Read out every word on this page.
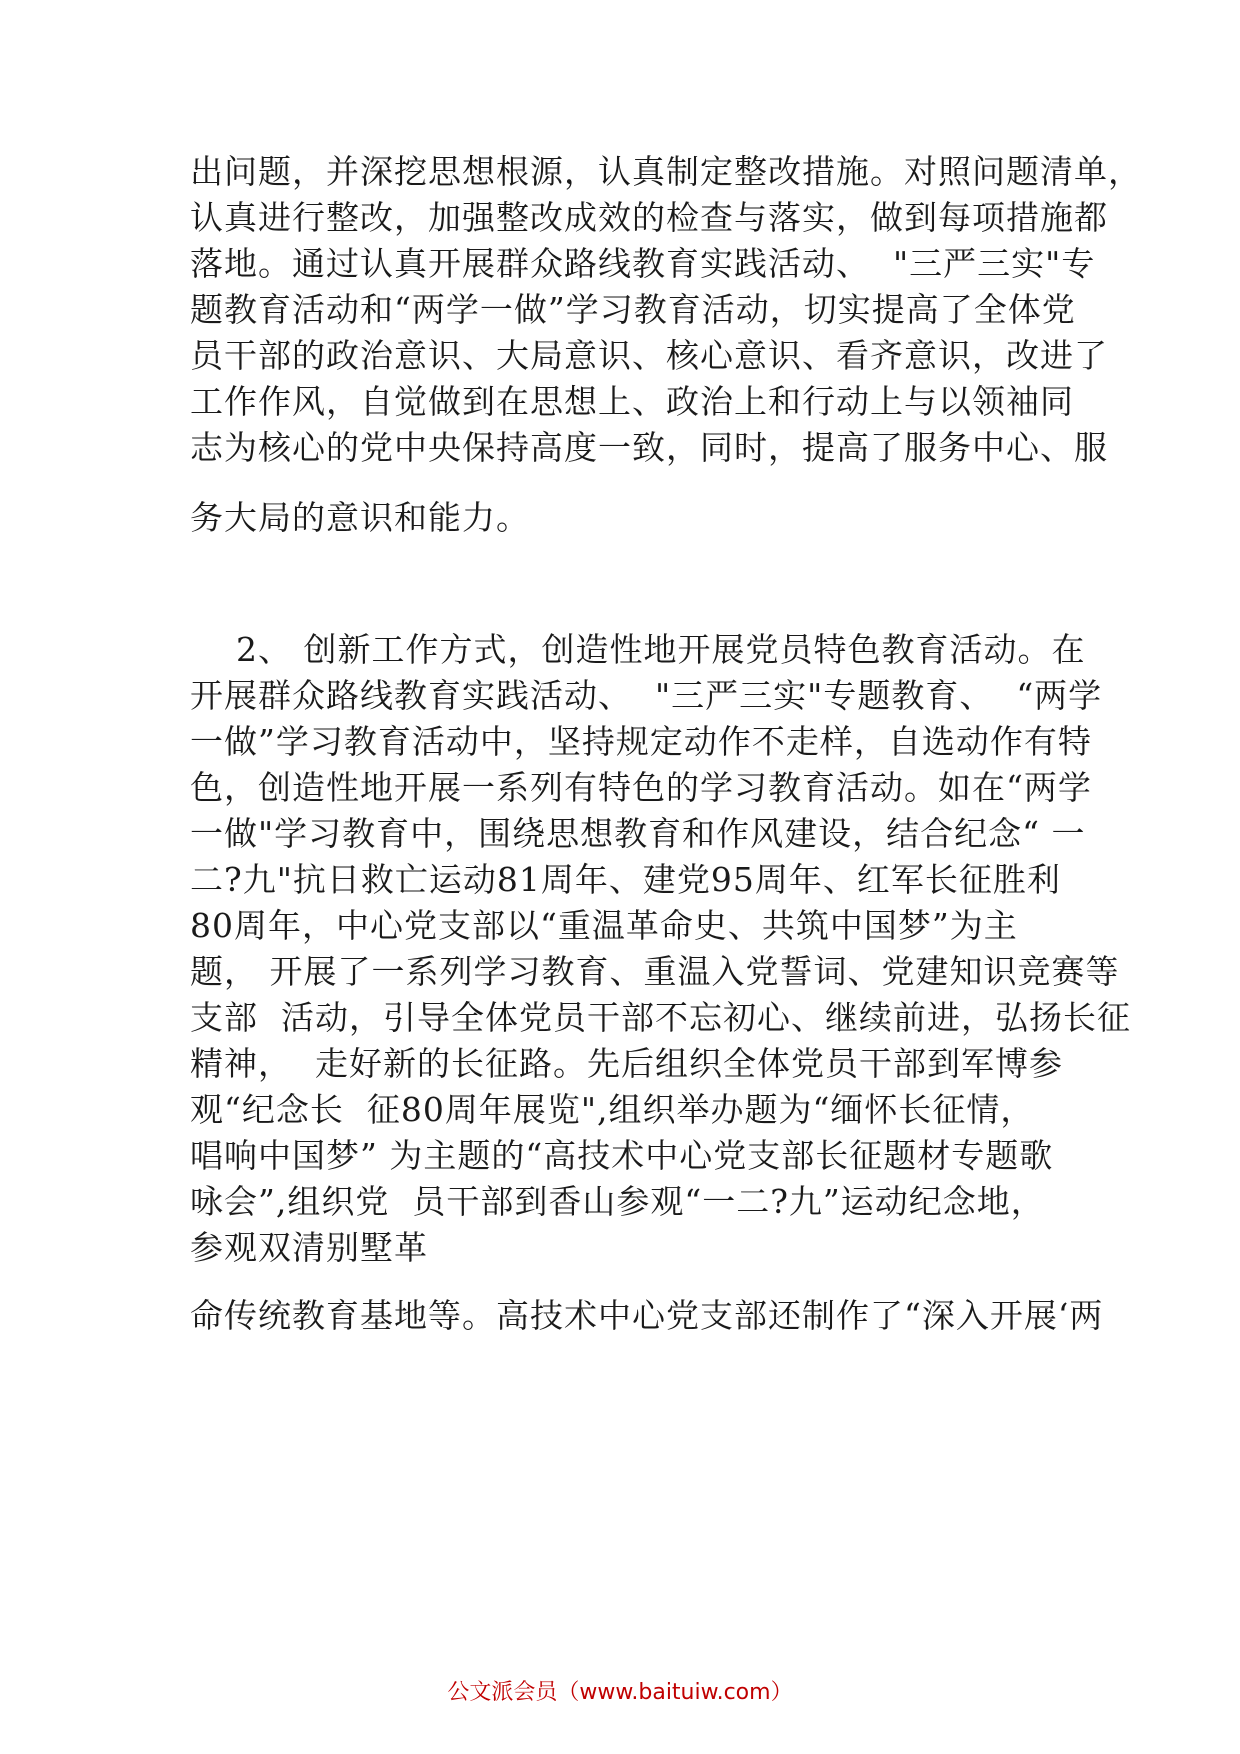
出问题，并深挖思想根源，认真制定整改措施。对照问题清单，
认真进行整改，加强整改成效的检查与落实，做到每项措施都
落地。通过认真开展群众路线教育实践活动、  "三严三实"专
题教育活动和“两学一做”学习教育活动，切实提高了全体党
员干部的政治意识、大局意识、核心意识、看齐意识，改进了
工作作风，自觉做到在思想上、政治上和行动上与以领袖同
志为核心的党中央保持高度一致，同时，提高了服务中心、服
务大局的意识和能力。
2、 创新工作方式，创造性地开展党员特色教育活动。在
开展群众路线教育实践活动、  "三严三实"专题教育、  “两学
一做”学习教育活动中，坚持规定动作不走样，自选动作有特
色，创造性地开展一系列有特色的学习教育活动。如在“两学
一做"学习教育中，围绕思想教育和作风建设，结合纪念“ 一
二?九"抗日救亡运动81周年、建党95周年、红军长征胜利
80周年，中心党支部以“重温革命史、共筑中国梦”为主
题， 开展了一系列学习教育、重温入党誓词、党建知识竞赛等
支部  活动，引导全体党员干部不忘初心、继续前进，弘扬长征
精神，  走好新的长征路。先后组织全体党员干部到军博参
观“纪念长  征80周年展览",组织举办题为“缅怀长征情，
唱响中国梦” 为主题的“高技术中心党支部长征题材专题歌
咏会”,组织党  员干部到香山参观“一二?九”运动纪念地，
参观双清别墅革
命传统教育基地等。高技术中心党支部还制作了“深入开展‘两
公文派会员（www.baituiw.com）
